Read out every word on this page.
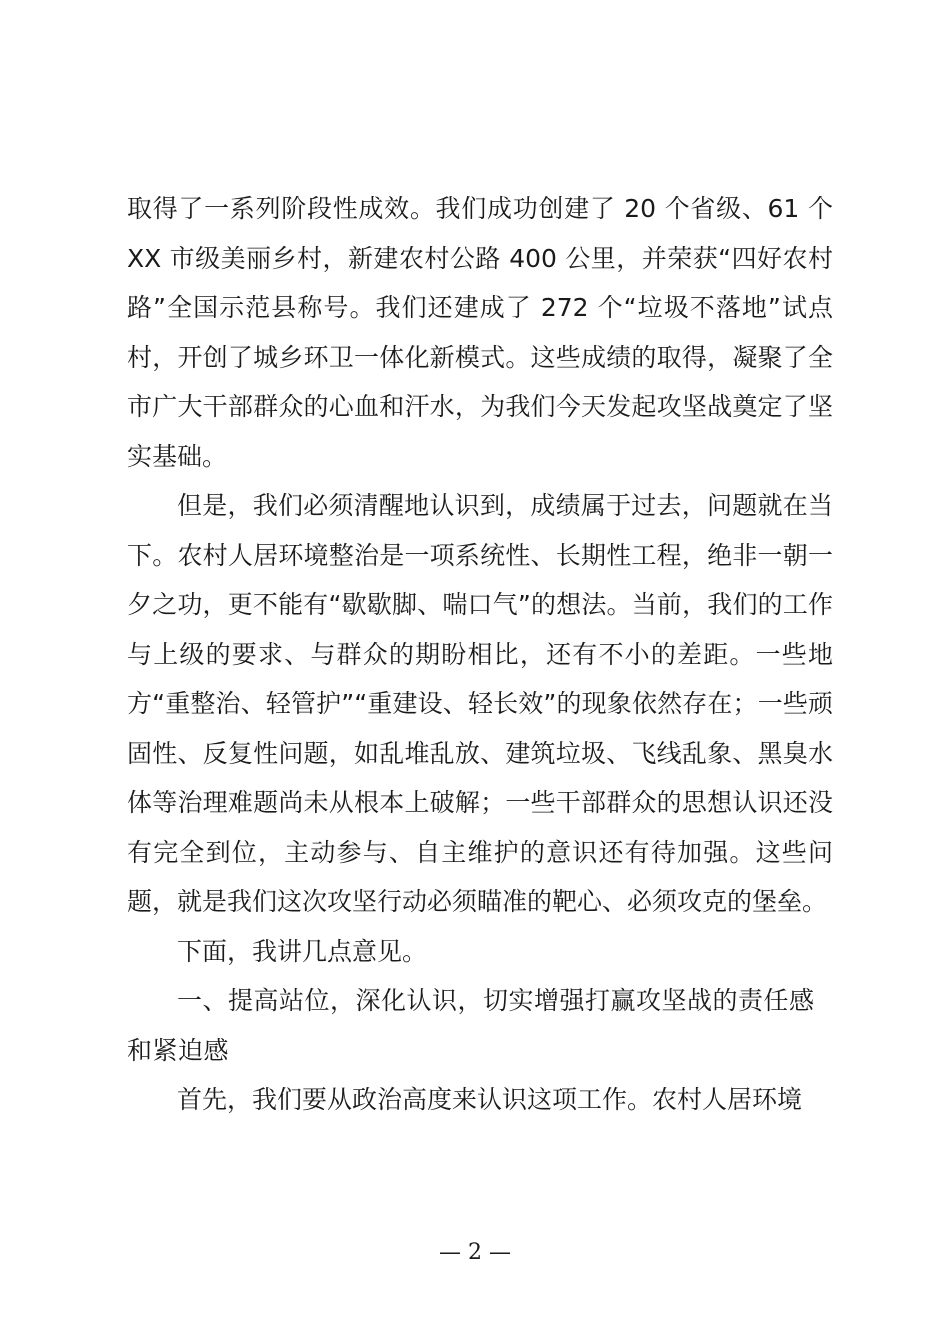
取得了一系列阶段性成效。我们成功创建了 20 个省级、61 个 XX 市级美丽乡村，新建农村公路 400 公里，并荣获“四好农村路”全国示范县称号。我们还建成了 272 个“垃圾不落地”试点村，开创了城乡环卫一体化新模式。这些成绩的取得，凝聚了全市广大干部群众的心血和汗水，为我们今天发起攻坚战奠定了坚实基础。

但是，我们必须清醒地认识到，成绩属于过去，问题就在当下。农村人居环境整治是一项系统性、长期性工程，绝非一朝一夕之功，更不能有“歇歇脚、喘口气”的想法。当前，我们的工作与上级的要求、与群众的期盼相比，还有不小的差距。一些地方“重整治、轻管护”“重建设、轻长效”的现象依然存在；一些顽固性、反复性问题，如乱堆乱放、建筑垃圾、飞线乱象、黑臭水体等治理难题尚未从根本上破解；一些干部群众的思想认识还没有完全到位，主动参与、自主维护的意识还有待加强。这些问题，就是我们这次攻坚行动必须瞄准的靶心、必须攻克的堡垒。

下面，我讲几点意见。

一、提高站位，深化认识，切实增强打赢攻坚战的责任感和紧迫感

首先，我们要从政治高度来认识这项工作。农村人居环境

— 2 —
